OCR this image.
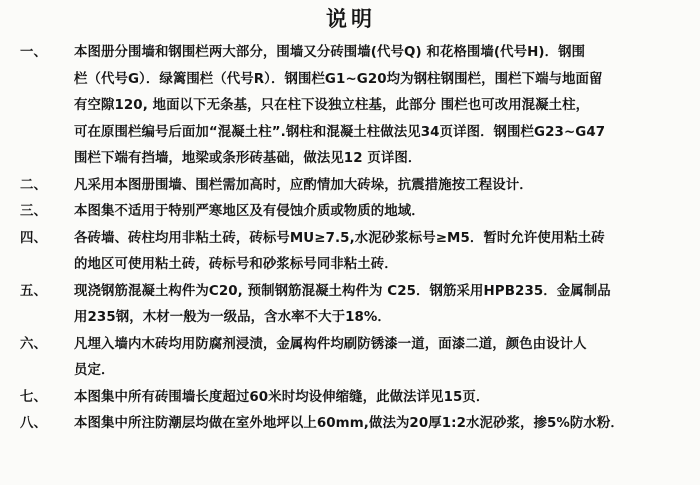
说明
一、	本图册分围墙和钢围栏两大部分，围墙又分砖围墙(代号Q) 和花格围墙(代号H)．钢围
栏（代号G）．绿篱围栏（代号R）．钢围栏G1~G20均为钢柱钢围栏，围栏下端与地面留
有空隙120, 地面以下无条基，只在柱下设独立柱基，此部分 围栏也可改用混凝土柱，
可在原围栏编号后面加“混凝土柱”.钢柱和混凝土柱做法见34页详图．钢围栏G23~G47
围栏下端有挡墙，地梁或条形砖基础，做法见12 页详图．
二、	凡采用本图册围墙、围栏需加高时，应酌情加大砖垛，抗震措施按工程设计．
三、	本图集不适用于特别严寒地区及有侵蚀介质或物质的地域．
四、	各砖墙、砖柱均用非粘土砖，砖标号MU≥7.5,水泥砂浆标号≥M5．暂时允许使用粘土砖
的地区可使用粘土砖，砖标号和砂浆标号同非粘土砖．
五、	现浇钢筋混凝土构件为C20, 预制钢筋混凝土构件为 C25．钢筋采用HPB235．金属制品
用235钢，木材一般为一级品，含水率不大于18%．
六、	凡埋入墙内木砖均用防腐剂浸渍，金属构件均刷防锈漆一道，面漆二道，颜色由设计人
员定．
七、	本图集中所有砖围墙长度超过60米时均设伸缩缝，此做法详见15页．
八、	本图集中所注防潮层均做在室外地坪以上60mm,做法为20厚1:2水泥砂浆，掺5%防水粉．
